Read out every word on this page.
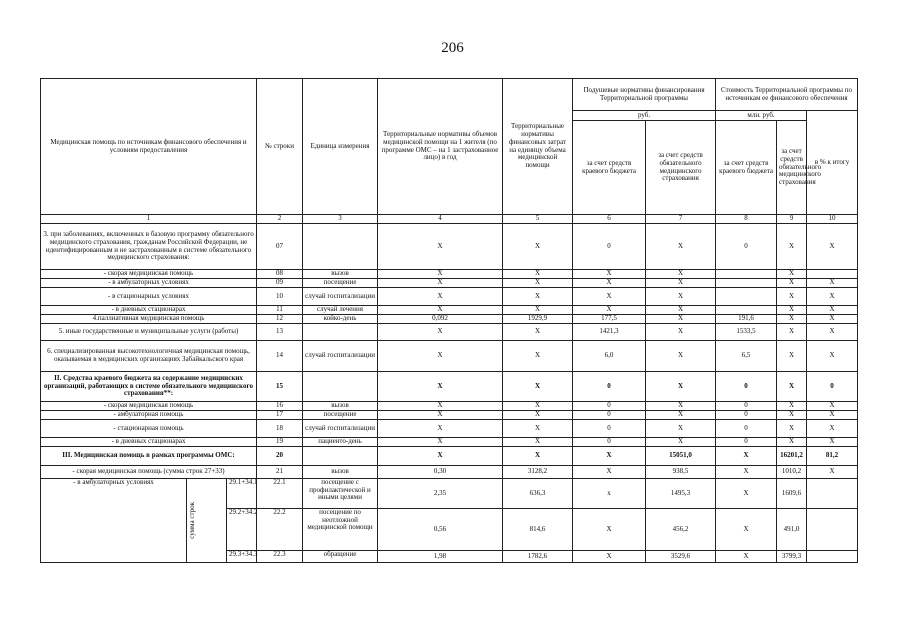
206
Медицинская помощь по источникам финансового обеспечения и условиям предоставления			№ строки	Единица измерения	Территориальные нормативы объемов медицинской помощи на 1 жителя (по программе ОМС – на 1 застрахованное лицо) в год	Территориальные нормативы финансовых затрат на единицу объема медицинской помощи	Подушевые нормативы финансирования Территориальной программы		Стоимость Территориальной программы по источникам ее финансового обеспечения		
							руб.		млн. руб.		в % к итогу
							за счет средств краевого бюджета	за счет средств обязательного медицинского страхования	за счет средств краевого бюджета	за счет средств обязательного медицинского страхования	
1			2	3	4	5	6	7	8	9	10
3. при заболеваниях, включенных в базовую программу обязательного медицинского страхования, гражданам Российской Федерации, не идентифицированным и не застрахованным в системе обязательного медицинского страхования:			07		X	X	0	X	0	X	X
- скорая медицинская помощь			08	вызов	X	X	X	X		X	
- в амбулаторных условиях			09	посещение	X	X	X	X		X	X
- в стационарных условиях			10	случай госпитализации	X	X	X	X		X	X
- в дневных стационарах			11	случай лечения	X	X	X	X		X	X
4.паллиативная медицинская помощь			12	койко-день	0,092	1929,9	177,5	X	191,6	X	X
5. иные государственные и муниципальные услуги (работы)			13		X	X	1421,3	X	1533,5	X	X
6. специализированная высокотехнологичная медицинская помощь, оказываемая в медицинских организациях Забайкальского края			14	случай госпитализации	X	X	6,0	X	6,5	X	X
II. Средства краевого бюджета на содержание медицинских организаций, работающих в системе обязательного медицинского страхования**:			15		X	X	0	X	0	X	0
- скорая медицинская помощь			16	вызов	X	X	0	X	0	X	X
- амбулаторная помощь			17	посещение	X	X	0	X	0	X	X
- стационарная помощь			18	случай госпитализации	X	X	0	X	0	X	X
- в дневных стационарах			19	пациенто-день	X	X	0	X	0	X	X
III. Медицинская помощь в рамках программы ОМС:			20		X	X	X	15051,0	X	16201,2	81,2
- скорая медицинская помощь (сумма строк 27+33)			21	вызов	0,30	3128,2	X	938,5	X	1010,2	X
- в амбулаторных условиях	сумма строк	29.1+34.1	22.1	посещение с профилактической и иными целями	2,35	636,3	x	1495,3	X	1609,6	
		29.2+34.2	22.2	посещение по неотложной медицинской помощи	0,56	814,6	X	456,2	X	491,0	
		29.3+34.3	22.3	обращение	1,98	1782,6	X	3529,6	X	3799,3	
